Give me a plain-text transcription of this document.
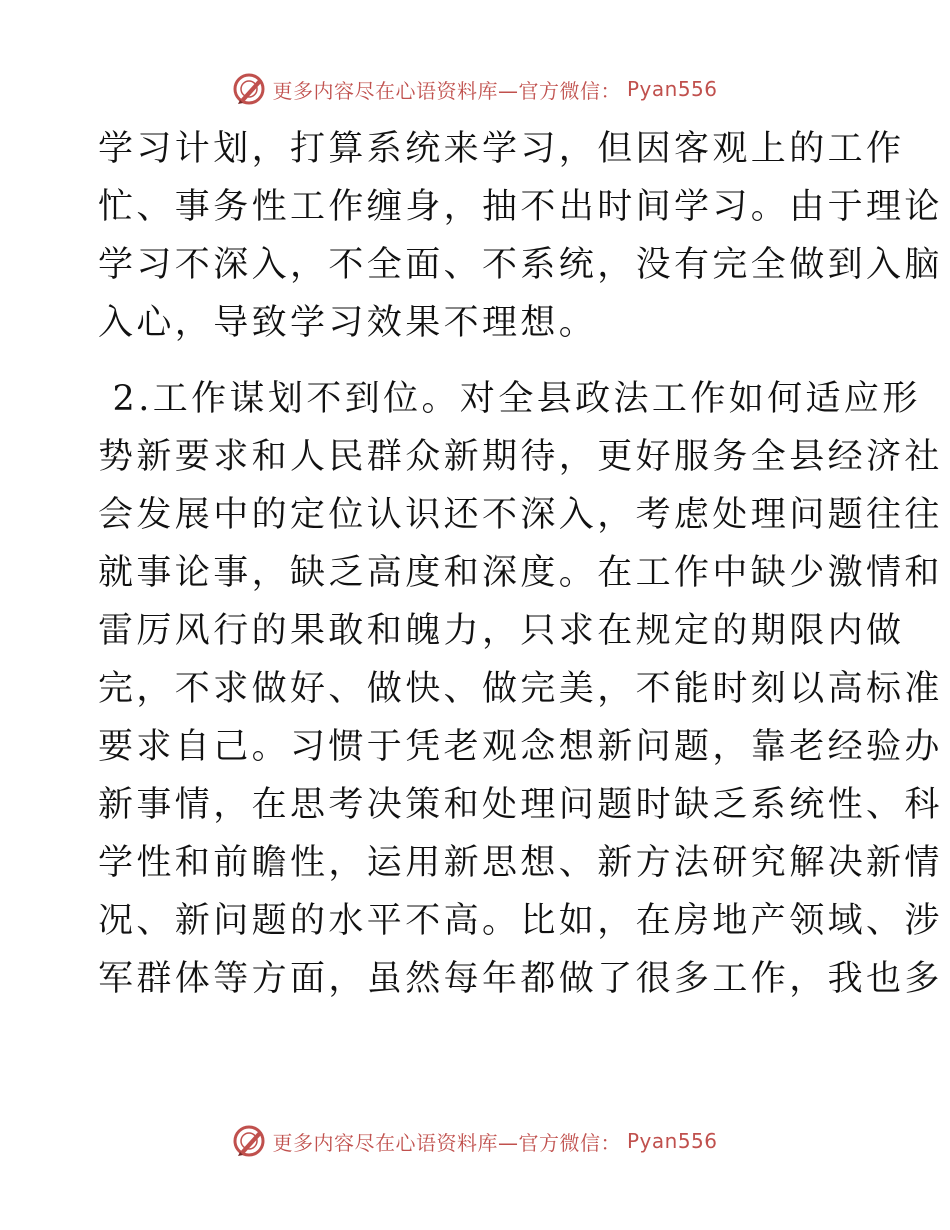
更多内容尽在心语资料库—官方微信： Pyan556

学习计划，打算系统来学习，但因客观上的工作

忙、事务性工作缠身，抽不出时间学习。由于理论

学习不深入，不全面、不系统，没有完全做到入脑

入心，导致学习效果不理想。

2.工作谋划不到位。对全县政法工作如何适应形

势新要求和人民群众新期待，更好服务全县经济社

会发展中的定位认识还不深入，考虑处理问题往往

就事论事，缺乏高度和深度。在工作中缺少激情和

雷厉风行的果敢和魄力，只求在规定的期限内做

完，不求做好、做快、做完美，不能时刻以高标准

要求自己。习惯于凭老观念想新问题，靠老经验办

新事情，在思考决策和处理问题时缺乏系统性、科

学性和前瞻性，运用新思想、新方法研究解决新情

况、新问题的水平不高。比如，在房地产领域、涉

军群体等方面，虽然每年都做了很多工作，我也多

更多内容尽在心语资料库—官方微信： Pyan556
